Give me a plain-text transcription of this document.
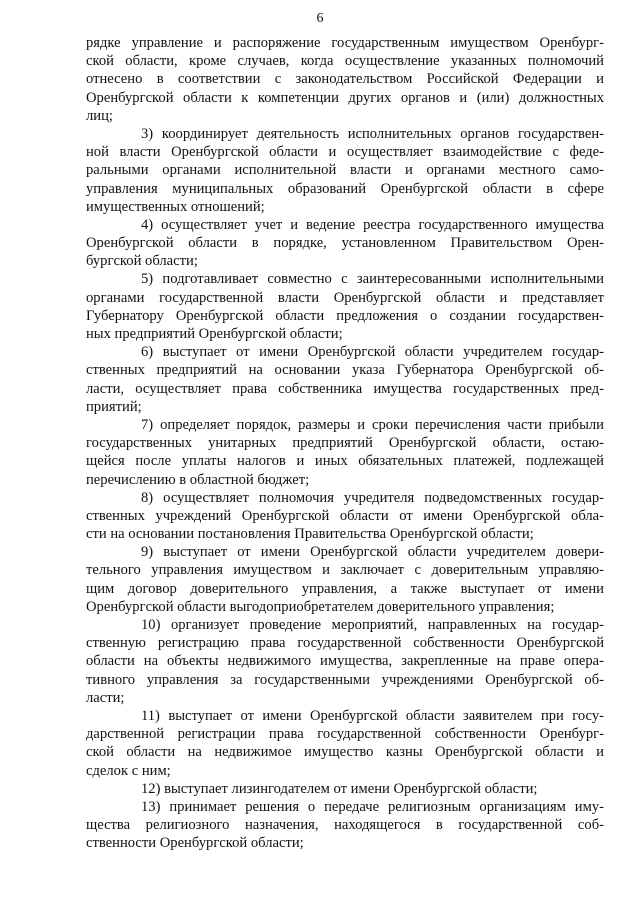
6
рядке управление и распоряжение государственным имуществом Оренбург-
ской области, кроме случаев, когда осуществление указанных полномочий
отнесено в соответствии с законодательством Российской Федерации и
Оренбургской области к компетенции других органов и (или) должностных
лиц;
3) координирует деятельность исполнительных органов государствен-
ной власти Оренбургской области и осуществляет взаимодействие с феде-
ральными органами исполнительной власти и органами местного само-
управления муниципальных образований Оренбургской области в сфере
имущественных отношений;
4) осуществляет учет и ведение реестра государственного имущества
Оренбургской области в порядке, установленном Правительством Орен-
бургской области;
5) подготавливает совместно с заинтересованными исполнительными
органами государственной власти Оренбургской области и представляет
Губернатору Оренбургской области предложения о создании государствен-
ных предприятий Оренбургской области;
6) выступает от имени Оренбургской области учредителем государ-
ственных предприятий на основании указа Губернатора Оренбургской об-
ласти, осуществляет права собственника имущества государственных пред-
приятий;
7) определяет порядок, размеры и сроки перечисления части прибыли
государственных унитарных предприятий Оренбургской области, остаю-
щейся после уплаты налогов и иных обязательных платежей, подлежащей
перечислению в областной бюджет;
8) осуществляет полномочия учредителя подведомственных государ-
ственных учреждений Оренбургской области от имени Оренбургской обла-
сти на основании постановления Правительства Оренбургской области;
9) выступает от имени Оренбургской области учредителем довери-
тельного управления имуществом и заключает с доверительным управляю-
щим договор доверительного управления, а также выступает от имени
Оренбургской области выгодоприобретателем доверительного управления;
10) организует проведение мероприятий, направленных на государ-
ственную регистрацию права государственной собственности Оренбургской
области на объекты недвижимого имущества, закрепленные на праве опера-
тивного управления за государственными учреждениями Оренбургской об-
ласти;
11) выступает от имени Оренбургской области заявителем при госу-
дарственной регистрации права государственной собственности Оренбург-
ской области на недвижимое имущество казны Оренбургской области и
сделок с ним;
12) выступает лизингодателем от имени Оренбургской области;
13) принимает решения о передаче религиозным организациям иму-
щества религиозного назначения, находящегося в государственной соб-
ственности Оренбургской области;
